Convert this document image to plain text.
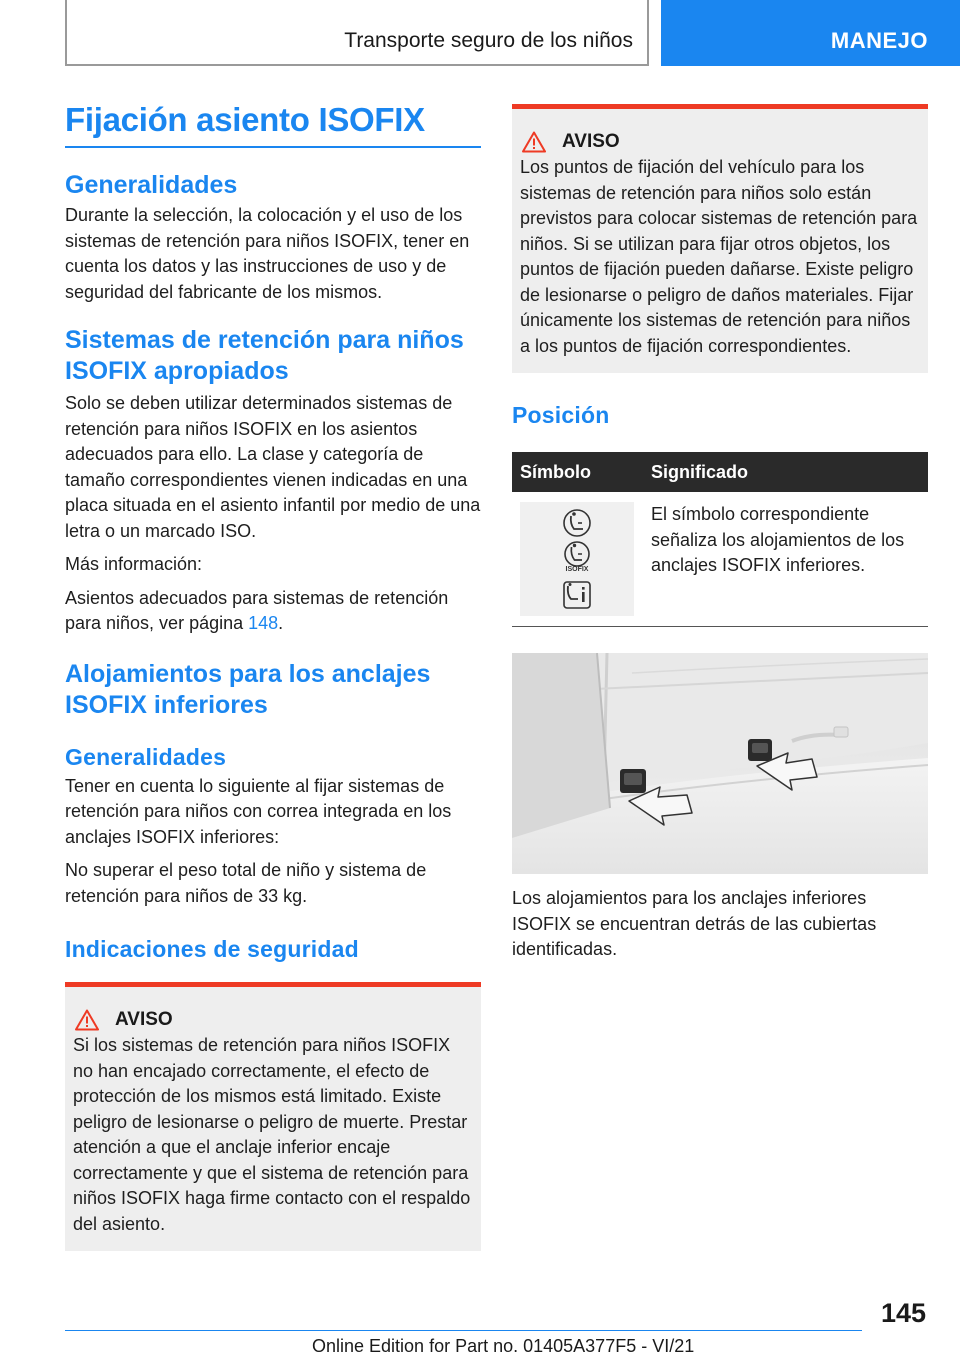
Transporte seguro de los niños	MANEJO
Fijación asiento ISOFIX
Generalidades
Durante la selección, la colocación y el uso de los sistemas de retención para niños ISOFIX, tener en cuenta los datos y las instrucciones de uso y de seguridad del fabricante de los mismos.
Sistemas de retención para niños ISOFIX apropiados
Solo se deben utilizar determinados sistemas de retención para niños ISOFIX en los asientos adecuados para ello. La clase y categoría de tamaño correspondientes vienen indicadas en una placa situada en el asiento infantil por medio de una letra o un marcado ISO.
Más información:
Asientos adecuados para sistemas de retención para niños, ver página 148.
Alojamientos para los anclajes ISOFIX inferiores
Generalidades
Tener en cuenta lo siguiente al fijar sistemas de retención para niños con correa integrada en los anclajes ISOFIX inferiores:
No superar el peso total de niño y sistema de retención para niños de 33 kg.
Indicaciones de seguridad
AVISO
Si los sistemas de retención para niños ISOFIX no han encajado correctamente, el efecto de protección de los mismos está limitado. Existe peligro de lesionarse o peligro de muerte. Prestar atención a que el anclaje inferior encaje correctamente y que el sistema de retención para niños ISOFIX haga firme contacto con el respaldo del asiento.
AVISO
Los puntos de fijación del vehículo para los sistemas de retención para niños solo están previstos para colocar sistemas de retención para niños. Si se utilizan para fijar otros objetos, los puntos de fijación pueden dañarse. Existe peligro de lesionarse o peligro de daños materiales. Fijar únicamente los sistemas de retención para niños a los puntos de fijación correspondientes.
Posición
Símbolo	Significado

ISOFIX	El símbolo correspondiente señaliza los alojamientos de los anclajes ISOFIX inferiores.
Los alojamientos para los anclajes inferiores ISOFIX se encuentran detrás de las cubiertas identificadas.
145
Online Edition for Part no. 01405A377F5 - VI/21
